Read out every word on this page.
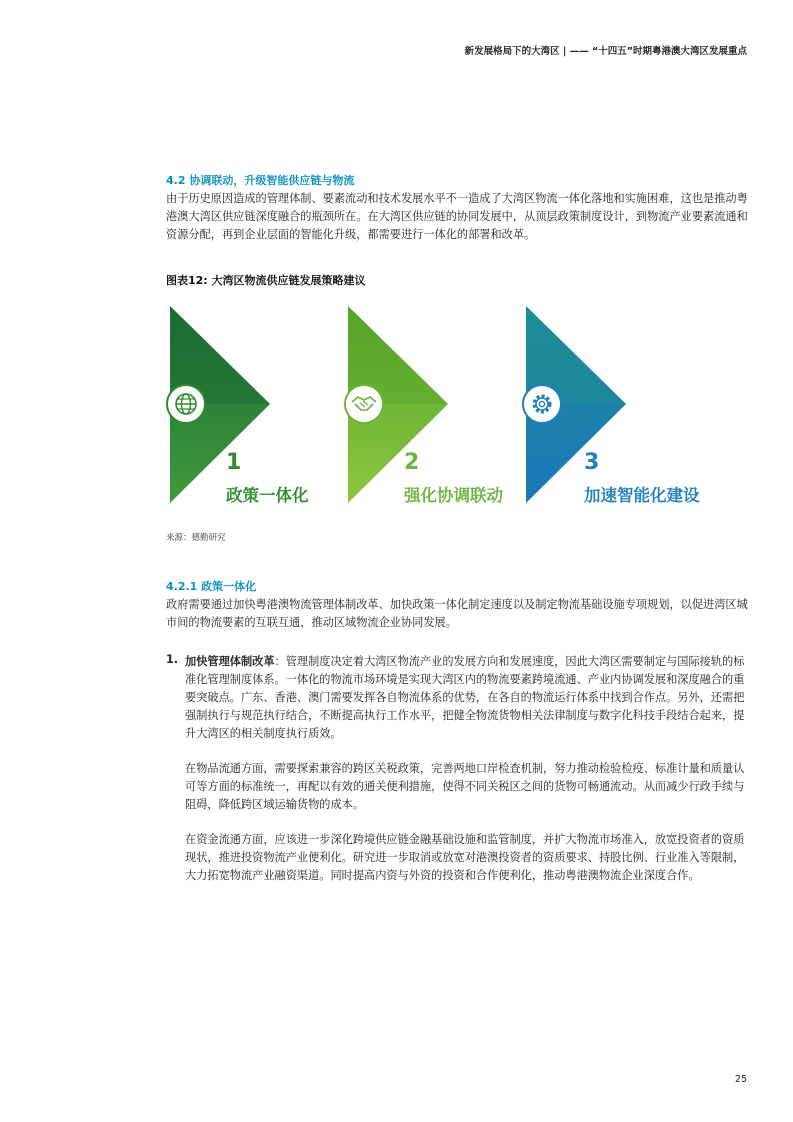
新发展格局下的大湾区 | —— “十四五”时期粤港澳大湾区发展重点
4.2 协调联动，升级智能供应链与物流
由于历史原因造成的管理体制、要素流动和技术发展水平不一造成了大湾区物流一体化落地和实施困难，这也是推动粤港澳大湾区供应链深度融合的瓶颈所在。在大湾区供应链的协同发展中，从顶层政策制度设计，到物流产业要素流通和资源分配，再到企业层面的智能化升级，都需要进行一体化的部署和改革。
图表12: 大湾区物流供应链发展策略建议
1
政策一体化
2
强化协调联动
3
加速智能化建设
来源：德勤研究
4.2.1 政策一体化
政府需要通过加快粤港澳物流管理体制改革、加快政策一体化制定速度以及制定物流基础设施专项规划，以促进湾区城市间的物流要素的互联互通，推动区域物流企业协同发展。
1. 加快管理体制改革：管理制度决定着大湾区物流产业的发展方向和发展速度，因此大湾区需要制定与国际接轨的标准化管理制度体系。一体化的物流市场环境是实现大湾区内的物流要素跨境流通、产业内协调发展和深度融合的重要突破点。广东、香港、澳门需要发挥各自物流体系的优势，在各自的物流运行体系中找到合作点。另外，还需把强制执行与规范执行结合，不断提高执行工作水平，把健全物流货物相关法律制度与数字化科技手段结合起来，提升大湾区的相关制度执行质效。
在物品流通方面，需要探索兼容的跨区关税政策，完善两地口岸检查机制，努力推动检验检疫、标准计量和质量认可等方面的标准统一，再配以有效的通关便利措施，使得不同关税区之间的货物可畅通流动。从而减少行政手续与阻碍，降低跨区域运输货物的成本。
在资金流通方面，应该进一步深化跨境供应链金融基础设施和监管制度，并扩大物流市场准入，放宽投资者的资质现状，推进投资物流产业便利化。研究进一步取消或放宽对港澳投资者的资质要求、持股比例、行业准入等限制，大力拓宽物流产业融资渠道。同时提高内资与外资的投资和合作便利化，推动粤港澳物流企业深度合作。
25
